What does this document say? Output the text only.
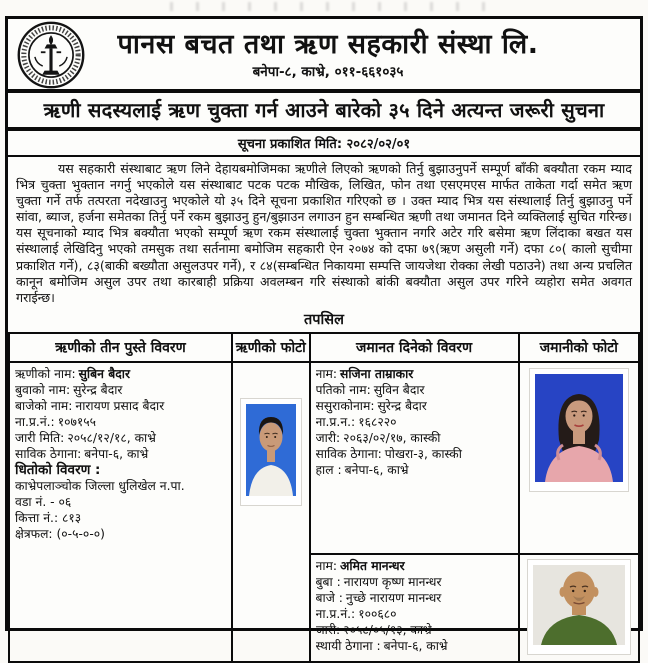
पानस बचत तथा ऋण सहकारी संस्था लि.
बनेपा-८, काभ्रे, ०११-६६१०३५
ऋणी सदस्यलाई ऋण चुक्ता गर्न आउने बारेको ३५ दिने अत्यन्त जरूरी सुचना
सूचना प्रकाशित मिति: २०८२/०२/०१

यस सहकारी संस्थाबाट ऋण लिने देहायबमोजिमका ऋणीले लिएको ऋणको तिर्नु बुझाउनुपर्ने सम्पूर्ण बाँकी बक्यौता रकम म्याद भित्र चुक्ता भुक्तान नगर्नु भएकोले यस संस्थाबाट पटक पटक मौखिक, लिखित, फोन तथा एसएमएस मार्फत ताकेता गर्दा समेत ऋण चुक्ता गर्ने तर्फ तत्परता नदेखाउनु भएकोले यो ३५ दिने सूचना प्रकाशित गरिएको छ । उक्त म्याद भित्र यस संस्थालाई तिर्नु बुझाउनु पर्ने सांवा, ब्याज, हर्जना समेतका तिर्नु पर्ने रकम बुझाउनु हुन/बुझाउन लगाउन हुन सम्बन्धित ऋणी तथा जमानत दिने व्यक्तिलाई सुचित गरिन्छ। यस सूचनाको म्याद भित्र बक्यौता भएको सम्पूर्ण ऋण रकम संस्थालाई चुक्ता भुक्तान नगरि अटेर गरि बसेमा ऋण लिंदाका बखत यस संस्थालाई लेखिदिनु भएको तमसुक तथा सर्तनामा बमोजिम सहकारी ऐन २०७४ को दफा ७९(ऋण असुली गर्ने) दफा ८०( कालो सुचीमा प्रकाशित गर्ने), ८३(बाकी बख्यौता असुलउपर गर्ने), र ८४(सम्बन्धित निकायमा सम्पत्ति जायजेथा रोक्का लेखी पठाउने) तथा अन्य प्रचलित कानून बमोजिम असुल उपर तथा कारबाही प्रक्रिया अवलम्बन गरि संस्थाको बांकी बक्यौता असुल उपर गरिने व्यहोरा समेत अवगत गराईन्छ।

तपसिल
ऋणीको तीन पुस्ते विवरण	ऋणीको फोटो	जमानत दिनेको विवरण	जमानीको फोटो

ऋणीको नाम: सुबिन बैदार
बुवाको नाम: सुरेन्द्र बैदार
बाजेको नाम: नारायण प्रसाद बैदार
ना.प्र.नं.: १०७१५५
जारी मिति: २०५८/१२/१८, काभ्रे
साविक ठेगाना: बनेपा-६, काभ्रे
धितोको विवरण :
काभ्रेपलाञ्चोक जिल्ला धुलिखेल न.पा.
वडा नं. - ०६
कित्ता नं.: ८१३
क्षेत्रफल: (०-५-०-०)

नाम: सजिना ताम्राकार
पतिको नाम: सुविन बैदार
ससुराकोनाम: सुरेन्द्र बैदार
ना.प्र.न.: १६८२२०
जारी: २०६३/०२/१७, कास्की
साविक ठेगाना: पोखरा-३, कास्की
हाल : बनेपा-६, काभ्रे

नाम: अमित मानन्धर
बुबा : नारायण कृष्ण मानन्धर
बाजे : नुच्छे नारायण मानन्धर
ना.प्र.नं.: १००६८०
जारी: २०५८/०५/१३, काभ्रे
स्थायी ठेगाना : बनेपा-६, काभ्रे
